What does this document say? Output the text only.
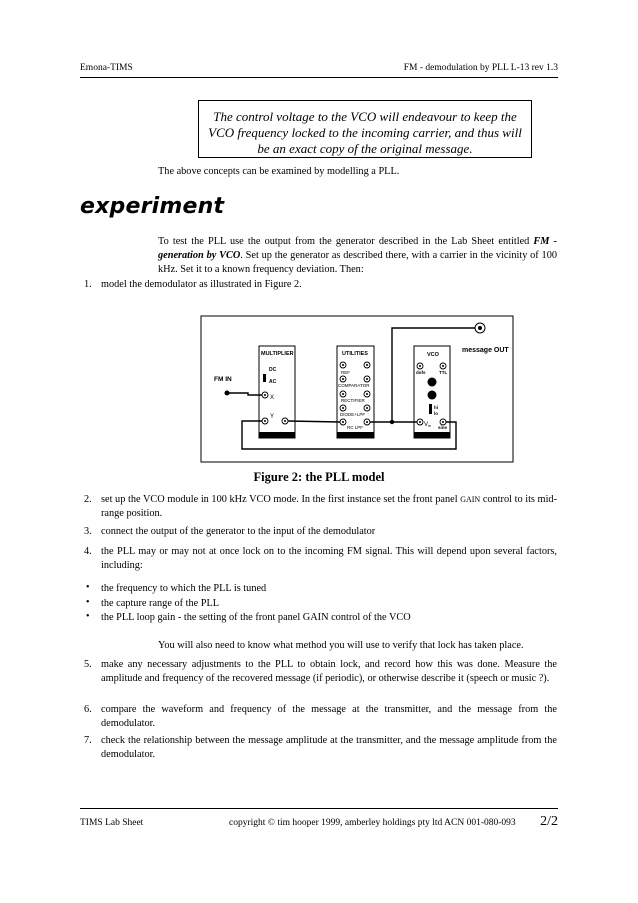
Emona-TIMS	FM - demodulation by PLL L-13 rev 1.3
The control voltage to the VCO will endeavour to keep the
VCO frequency locked to the incoming carrier, and thus will
be an exact copy of the original message.
The above concepts can be examined by modelling a PLL.
experiment
To test the PLL use the output from the generator described in the Lab Sheet entitled FM - generation by VCO. Set up the generator as described there, with a carrier in the vicinity of 100 kHz. Set it to a known frequency deviation. Then:
1. model the demodulator as illustrated in Figure 2.
MULTIPLIER
DC
AC
X
Y
UTILITIES
REF
COMPARATOR
RECTIFIER
DIODE+LPF
RC LPF
VCO
dofs	TTL
hi
lo
Vin sine
FM IN
message OUT
Figure 2: the PLL model
2. set up the VCO module in 100 kHz VCO mode. In the first instance set the front panel GAIN control to its mid-range position.
3. connect the output of the generator to the input of the demodulator
4. the PLL may or may not at once lock on to the incoming FM signal. This will depend upon several factors, including:
• the frequency to which the PLL is tuned
• the capture range of the PLL
• the PLL loop gain - the setting of the front panel GAIN control of the VCO
You will also need to know what method you will use to verify that lock has taken place.
5. make any necessary adjustments to the PLL to obtain lock, and record how this was done. Measure the amplitude and frequency of the recovered message (if periodic), or otherwise describe it (speech or music ?).
6. compare the waveform and frequency of the message at the transmitter, and the message from the demodulator.
7. check the relationship between the message amplitude at the transmitter, and the message amplitude from the demodulator.
TIMS Lab Sheet	copyright © tim hooper 1999, amberley holdings pty ltd ACN 001-080-093 2/2
